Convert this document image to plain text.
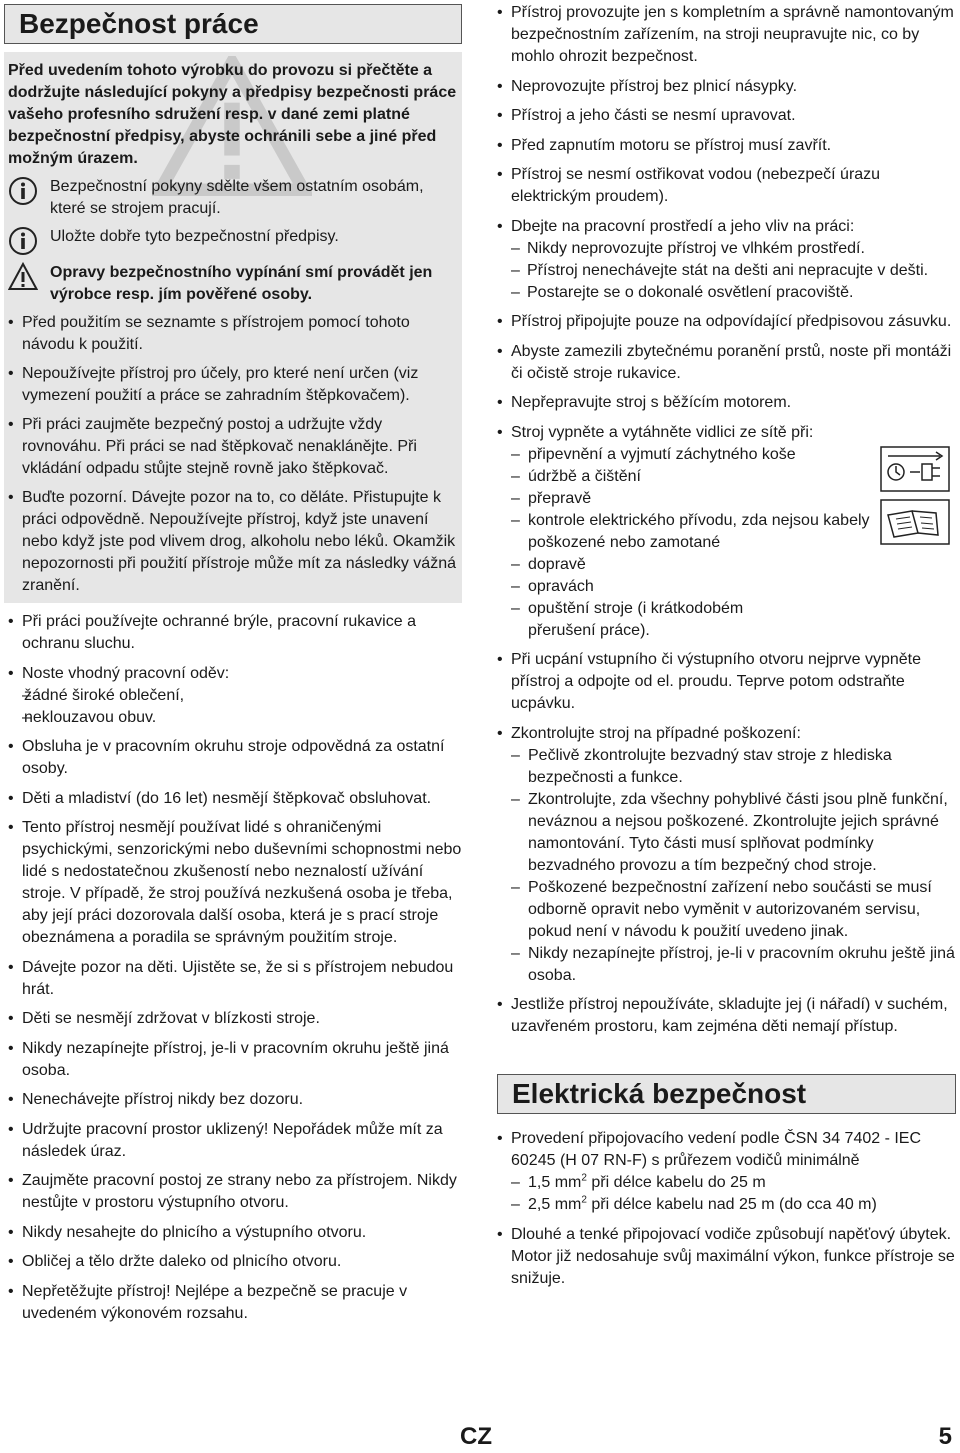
Bezpečnost práce

Před uvedením tohoto výrobku do provozu si přečtěte a dodržujte následující pokyny a předpisy bezpečnosti práce vašeho profesního sdružení resp. v dané zemi platné bezpečnostní předpisy, abyste ochránili sebe a jiné před možným úrazem.

Bezpečnostní pokyny sdělte všem ostatním osobám, které se strojem pracují.
Uložte dobře tyto bezpečnostní předpisy.
Opravy bezpečnostního vypínání smí provádět jen výrobce resp. jím pověřené osoby.
• Před použitím se seznamte s přístrojem pomocí tohoto návodu k použití.
• Nepoužívejte přístroj pro účely, pro které není určen (viz vymezení použití a práce se zahradním štěpkovačem).
• Při práci zaujměte bezpečný postoj a udržujte vždy rovnováhu. Při práci se nad štěpkovač nenaklánějte. Při vkládání odpadu stůjte stejně rovně jako štěpkovač.
• Buďte pozorní. Dávejte pozor na to, co děláte. Přistupujte k práci odpovědně. Nepoužívejte přístroj, když jste unavení nebo když jste pod vlivem drog, alkoholu nebo léků. Okamžik nepozornosti při použití přístroje může mít za následky vážná zranění.
• Při práci používejte ochranné brýle, pracovní rukavice a ochranu sluchu.
• Noste vhodný pracovní oděv:
– žádné široké oblečení,
– neklouzavou obuv.
• Obsluha je v pracovním okruhu stroje odpovědná za ostatní osoby.
• Děti a mladiství (do 16 let) nesmějí štěpkovač obsluhovat.
• Tento přístroj nesmějí používat lidé s ohraničenými psychickými, senzorickými nebo duševními schopnostmi nebo lidé s nedostatečnou zkušeností nebo neznalostí užívání stroje. V případě, že stroj používá nezkušená osoba je třeba, aby její práci dozorovala další osoba, která je s prací stroje obeznámena a poradila se správným použitím stroje.
• Dávejte pozor na děti. Ujistěte se, že si s přístrojem nebudou hrát.
• Děti se nesmějí zdržovat v blízkosti stroje.
• Nikdy nezapínejte přístroj, je-li v pracovním okruhu ještě jiná osoba.
• Nenechávejte přístroj nikdy bez dozoru.
• Udržujte pracovní prostor uklizený! Nepořádek může mít za následek úraz.
• Zaujměte pracovní postoj ze strany nebo za přístrojem. Nikdy nestůjte v prostoru výstupního otvoru.
• Nikdy nesahejte do plnicího a výstupního otvoru.
• Obličej a tělo držte daleko od plnicího otvoru.
• Nepřetěžujte přístroj! Nejlépe a bezpečně se pracuje v uvedeném výkonovém rozsahu.
• Přístroj provozujte jen s kompletním a správně namontovaným bezpečnostním zařízením, na stroji neupravujte nic, co by mohlo ohrozit bezpečnost.
• Neprovozujte přístroj bez plnicí násypky.
• Přístroj a jeho části se nesmí upravovat.
• Před zapnutím motoru se přístroj musí zavřít.
• Přístroj se nesmí ostřikovat vodou (nebezpečí úrazu elektrickým proudem).
• Dbejte na pracovní prostředí a jeho vliv na práci:
– Nikdy neprovozujte přístroj ve vlhkém prostředí.
– Přístroj nenechávejte stát na dešti ani nepracujte v dešti.
– Postarejte se o dokonalé osvětlení pracoviště.
• Přístroj připojujte pouze na odpovídající předpisovou zásuvku.
• Abyste zamezili zbytečnému poranění prstů, noste při montáži či očistě stroje rukavice.
• Nepřepravujte stroj s běžícím motorem.
• Stroj vypněte a vytáhněte vidlici ze sítě při:

– připevnění a vyjmutí záchytného koše
– údržbě a čištění
– přepravě
– kontrole elektrického přívodu, zda nejsou kabely poškozené nebo zamotané
– dopravě
– opravách
– opuštění stroje (i krátkodobém přerušení práce).
• Při ucpání vstupního či výstupního otvoru nejprve vypněte přístroj a odpojte od el. proudu. Teprve potom odstraňte ucpávku.
• Zkontrolujte stroj na případné poškození:
– Pečlivě zkontrolujte bezvadný stav stroje z hlediska bezpečnosti a funkce.
– Zkontrolujte, zda všechny pohyblivé části jsou plně funkční, neváznou a nejsou poškozené. Zkontrolujte jejich správné namontování. Tyto části musí splňovat podmínky bezvadného provozu a tím bezpečný chod stroje.
– Poškozené bezpečnostní zařízení nebo součásti se musí odborně opravit nebo vyměnit v autorizovaném servisu, pokud není v návodu k použití uvedeno jinak.
– Nikdy nezapínejte přístroj, je-li v pracovním okruhu ještě jiná osoba.
• Jestliže přístroj nepoužíváte, skladujte jej (i nářadí) v suchém, uzavřeném prostoru, kam zejména děti nemají přístup.
Elektrická bezpečnost
• Provedení připojovacího vedení podle ČSN 34 7402 - IEC 60245 (H 07 RN-F) s průřezem vodičů minimálně
– 1,5 $mm^2$ při délce kabelu do 25 m
– 2,5 $mm^2$ při délce kabelu nad 25 m (do cca 40 m)
• Dlouhé a tenké připojovací vodiče způsobují napěťový úbytek. Motor již nedosahuje svůj maximální výkon, funkce přístroje se snižuje.
CZ	5
